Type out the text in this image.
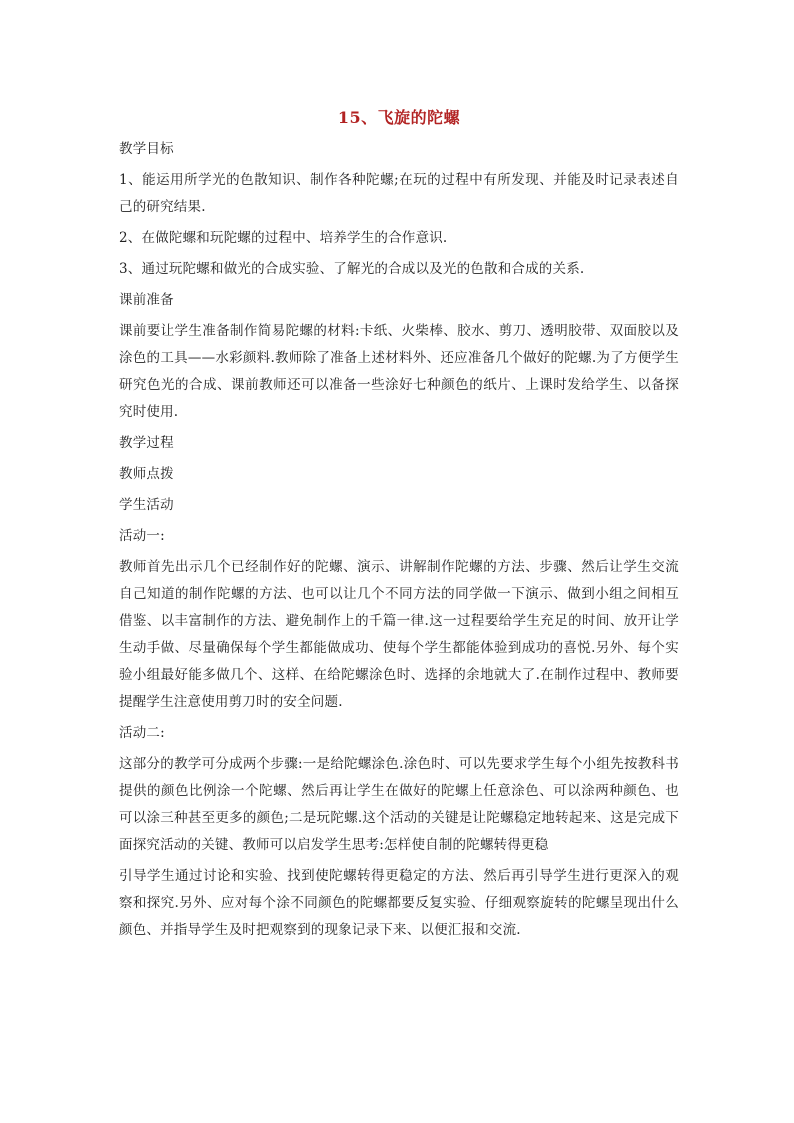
15、飞旋的陀螺
教学目标
1、能运用所学光的色散知识、制作各种陀螺;在玩的过程中有所发现、并能及时记录表述自己的研究结果.
2、在做陀螺和玩陀螺的过程中、培养学生的合作意识.
3、通过玩陀螺和做光的合成实验、了解光的合成以及光的色散和合成的关系.
课前准备
课前要让学生准备制作简易陀螺的材料:卡纸、火柴棒、胶水、剪刀、透明胶带、双面胶以及涂色的工具——水彩颜料.教师除了准备上述材料外、还应准备几个做好的陀螺.为了方便学生研究色光的合成、课前教师还可以准备一些涂好七种颜色的纸片、上课时发给学生、以备探究时使用.
教学过程
教师点拨
学生活动
活动一:
教师首先出示几个已经制作好的陀螺、演示、讲解制作陀螺的方法、步骤、然后让学生交流自己知道的制作陀螺的方法、也可以让几个不同方法的同学做一下演示、做到小组之间相互借鉴、以丰富制作的方法、避免制作上的千篇一律.这一过程要给学生充足的时间、放开让学生动手做、尽量确保每个学生都能做成功、使每个学生都能体验到成功的喜悦.另外、每个实验小组最好能多做几个、这样、在给陀螺涂色时、选择的余地就大了.在制作过程中、教师要提醒学生注意使用剪刀时的安全问题.
活动二:
这部分的教学可分成两个步骤:一是给陀螺涂色.涂色时、可以先要求学生每个小组先按教科书提供的颜色比例涂一个陀螺、然后再让学生在做好的陀螺上任意涂色、可以涂两种颜色、也可以涂三种甚至更多的颜色;二是玩陀螺.这个活动的关键是让陀螺稳定地转起来、这是完成下面探究活动的关键、教师可以启发学生思考:怎样使自制的陀螺转得更稳
引导学生通过讨论和实验、找到使陀螺转得更稳定的方法、然后再引导学生进行更深入的观察和探究.另外、应对每个涂不同颜色的陀螺都要反复实验、仔细观察旋转的陀螺呈现出什么颜色、并指导学生及时把观察到的现象记录下来、以便汇报和交流.
